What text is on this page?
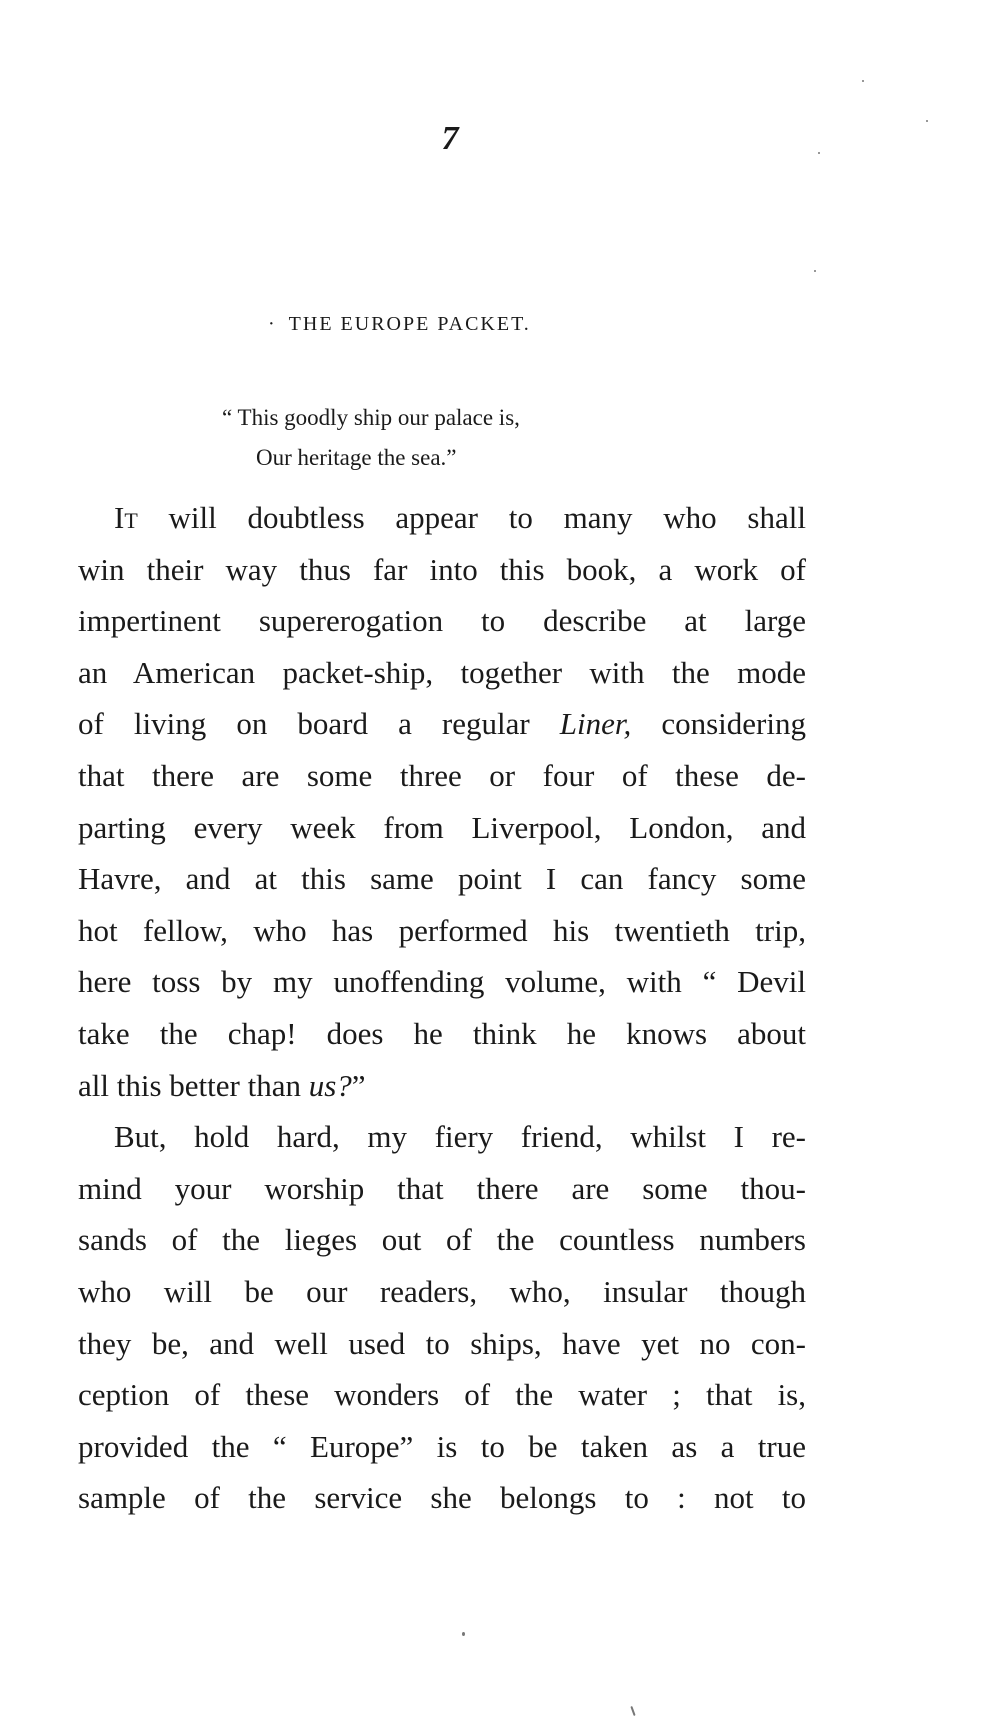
7
· THE EUROPE PACKET.
“ This goodly ship our palace is,
Our heritage the sea.”
It will doubtless appear to many who shall
win their way thus far into this book, a work of
impertinent supererogation to describe at large
an American packet-ship, together with the mode
of living on board a regular Liner, considering
that there are some three or four of these de-
parting every week from Liverpool, London, and
Havre, and at this same point I can fancy some
hot fellow, who has performed his twentieth trip,
here toss by my unoffending volume, with “ Devil
take the chap! does he think he knows about
all this better than us?”
But, hold hard, my fiery friend, whilst I re-
mind your worship that there are some thou-
sands of the lieges out of the countless numbers
who will be our readers, who, insular though
they be, and well used to ships, have yet no con-
ception of these wonders of the water ; that is,
provided the “ Europe” is to be taken as a true
sample of the service she belongs to : not to
